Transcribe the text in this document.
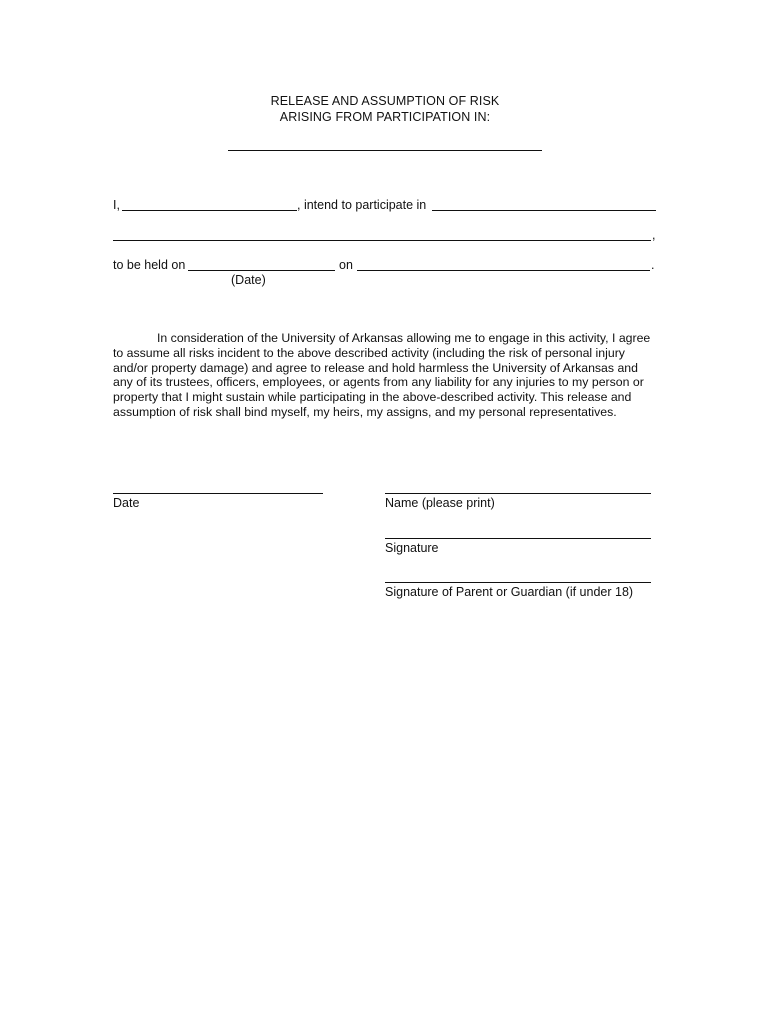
RELEASE AND ASSUMPTION OF RISK
ARISING FROM PARTICIPATION IN:
I,	, intend to participate in
,
to be held on	on	.
(Date)
In consideration of the University of Arkansas allowing me to engage in this activity, I agree to assume all risks incident to the above described activity (including the risk of personal injury and/or property damage) and agree to release and hold harmless the University of Arkansas and any of its trustees, officers, employees, or agents from any liability for any injuries to my person or property that I might sustain while participating in the above-described activity. This release and assumption of risk shall bind myself, my heirs, my assigns, and my personal representatives.
Date	Name (please print)
Signature
Signature of Parent or Guardian (if under 18)
